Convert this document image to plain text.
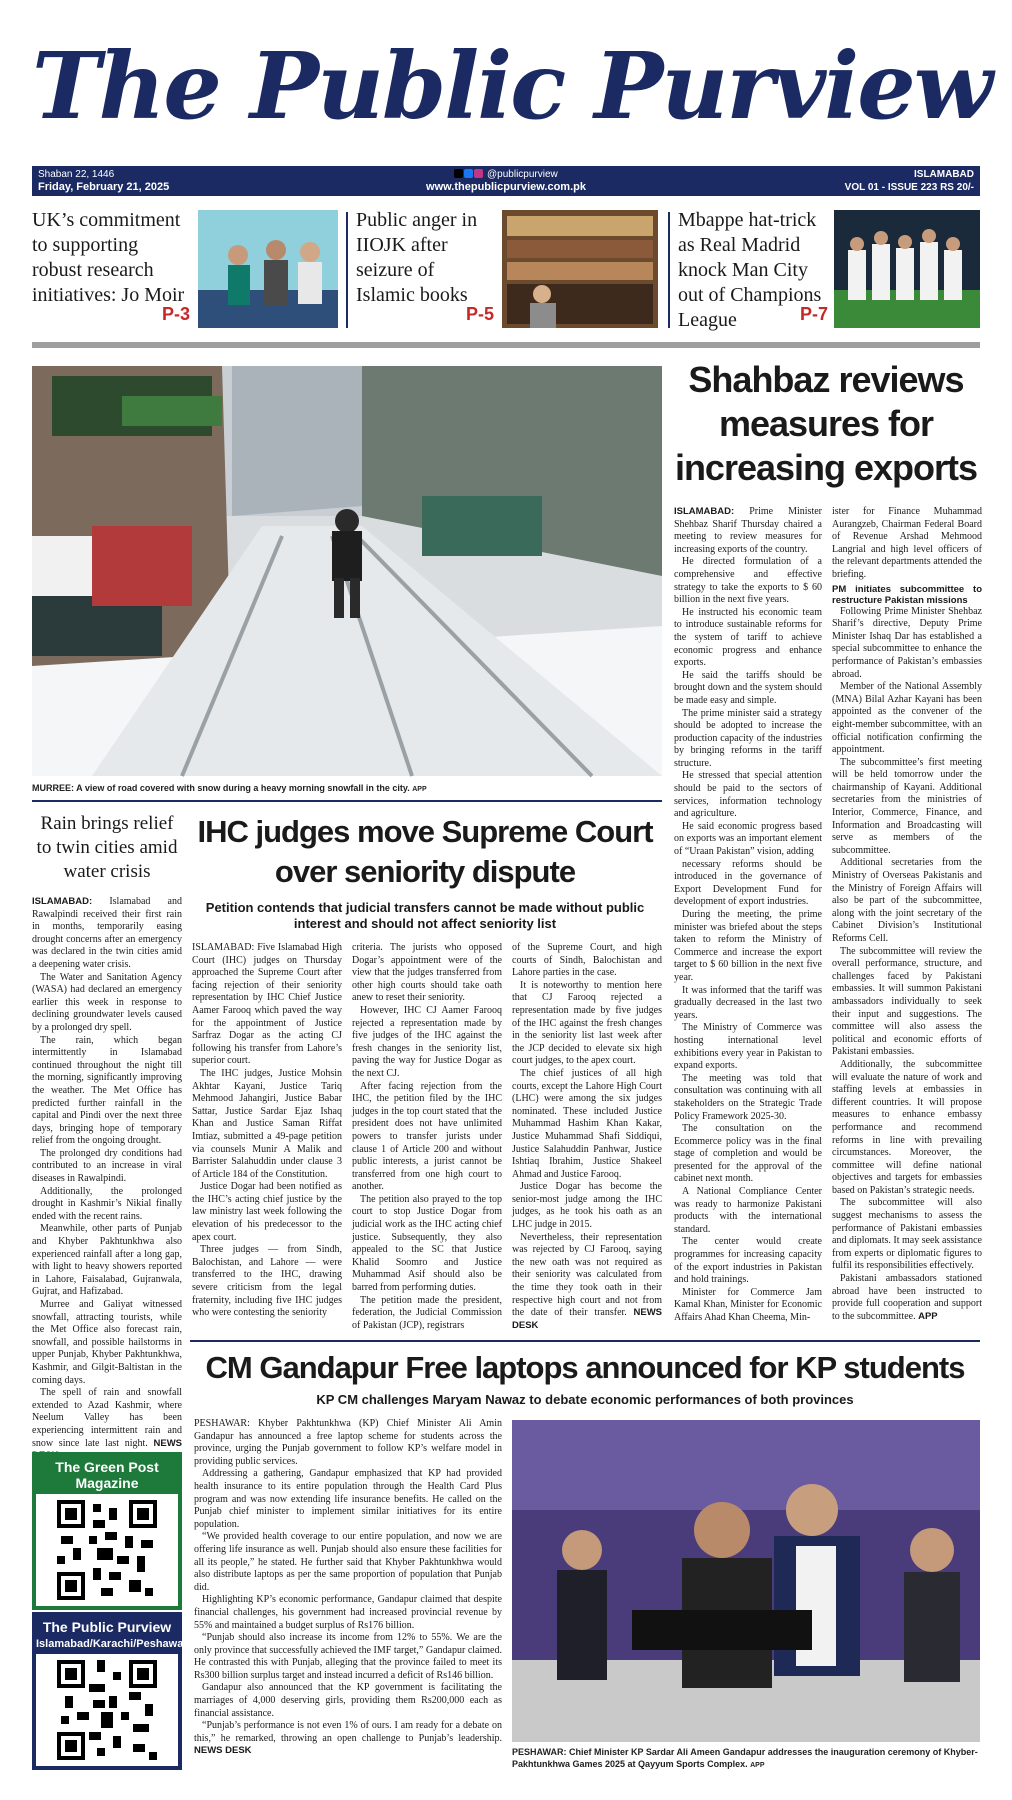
The Public Purview
Shaban 22, 1446
Friday, February 21, 2025
@publicpurview
www.thepublicpurview.com.pk
ISLAMABAD
VOL 01 - ISSUE 223 RS 20/-
UK’s commitment to supporting robust research initiatives: Jo Moir
P-3
Public anger in IIOJK after seizure of Islamic books
P-5
Mbappe hat-trick as Real Madrid knock Man City out of Champions League	P-7
MURREE: A view of road covered with snow during a heavy morning snowfall in the city. APP
Shahbaz reviews measures for increasing exports

ISLAMABAD: Prime Minister Shehbaz Sharif Thursday chaired a meeting to review measures for increasing exports of the country.

He directed formulation of a comprehensive and effective strategy to take the exports to $ 60 billion in the next five years.

He instructed his economic team to introduce sustainable reforms for the system of tariff to achieve economic progress and enhance exports.

He said the tariffs should be brought down and the system should be made easy and simple.

The prime minister said a strategy should be adopted to increase the production capacity of the industries by bringing reforms in the tariff structure.

He stressed that special attention should be paid to the sectors of services, information technology and agriculture.

He said economic progress based on exports was an important element of “Uraan Pakistan” vision, adding

necessary reforms should be introduced in the governance of Export Development Fund for development of export industries.

During the meeting, the prime minister was briefed about the steps taken to reform the Ministry of Commerce and increase the export target to $ 60 billion in the next five year.

It was informed that the tariff was gradually decreased in the last two years.

The Ministry of Commerce was hosting international level exhibitions every year in Pakistan to expand exports.

The meeting was told that consultation was continuing with all stakeholders on the Strategic Trade Policy Framework 2025-30.

The consultation on the Ecommerce policy was in the final stage of completion and would be presented for the approval of the cabinet next month.

A National Compliance Center was ready to harmonize Pakistani products with the international standard.

The center would create programmes for increasing capacity of the export industries in Pakistan and hold trainings.

Minister for Commerce Jam Kamal Khan, Minister for Economic Affairs Ahad Khan Cheema, Min-

ister for Finance Muhammad Aurangzeb, Chairman Federal Board of Revenue Arshad Mehmood Langrial and high level officers of the relevant departments attended the briefing.

PM initiates subcommittee to restructure Pakistan missions

Following Prime Minister Shehbaz Sharif’s directive, Deputy Prime Minister Ishaq Dar has established a special subcommittee to enhance the performance of Pakistan’s embassies abroad.

Member of the National Assembly (MNA) Bilal Azhar Kayani has been appointed as the convener of the eight-member subcommittee, with an official notification confirming the appointment.

The subcommittee’s first meeting will be held tomorrow under the chairmanship of Kayani. Additional secretaries from the ministries of Interior, Commerce, Finance, and Information and Broadcasting will serve as members of the subcommittee.

Additional secretaries from the Ministry of Overseas Pakistanis and the Ministry of Foreign Affairs will also be part of the subcommittee, along with the joint secretary of the Cabinet Division’s Institutional Reforms Cell.

The subcommittee will review the overall performance, structure, and challenges faced by Pakistani embassies. It will summon Pakistani ambassadors individually to seek their input and suggestions. The committee will also assess the political and economic efforts of Pakistani embassies.

Additionally, the subcommittee will evaluate the nature of work and staffing levels at embassies in different countries. It will propose measures to enhance embassy performance and recommend reforms in line with prevailing circumstances. Moreover, the committee will define national objectives and targets for embassies based on Pakistan’s strategic needs.

The subcommittee will also suggest mechanisms to assess the performance of Pakistani embassies and diplomats. It may seek assistance from experts or diplomatic figures to fulfil its responsibilities effectively.

Pakistani ambassadors stationed abroad have been instructed to provide full cooperation and support to the subcommittee. APP

Rain brings relief to twin cities amid water crisis

ISLAMABAD: Islamabad and Rawalpindi received their first rain in months, temporarily easing drought concerns after an emergency was declared in the twin cities amid a deepening water crisis.

The Water and Sanitation Agency (WASA) had declared an emergency earlier this week in response to declining groundwater levels caused by a prolonged dry spell.

The rain, which began intermittently in Islamabad continued throughout the night till the morning, significantly improving the weather. The Met Office has predicted further rainfall in the capital and Pindi over the next three days, bringing hope of temporary relief from the ongoing drought.

The prolonged dry conditions had contributed to an increase in viral diseases in Rawalpindi.

Additionally, the prolonged drought in Kashmir’s Nikial finally ended with the recent rains.

Meanwhile, other parts of Punjab and Khyber Pakhtunkhwa also experienced rainfall after a long gap, with light to heavy showers reported in Lahore, Faisalabad, Gujranwala, Gujrat, and Hafizabad.

Murree and Galiyat witnessed snowfall, attracting tourists, while the Met Office also forecast rain, snowfall, and possible hailstorms in upper Punjab, Khyber Pakhtunkhwa, Kashmir, and Gilgit-Baltistan in the coming days.

The spell of rain and snowfall extended to Azad Kashmir, where Neelum Valley has been experiencing intermittent rain and snow since late last night. NEWS

IHC judges move Supreme Court over seniority dispute
Petition contends that judicial transfers cannot be made without public interest and should not affect seniority list

ISLAMABAD: Five Islamabad High Court (IHC) judges on Thursday approached the Supreme Court after facing rejection of their seniority representation by IHC Chief Justice Aamer Farooq which paved the way for the appointment of Justice Sarfraz Dogar as the acting CJ following his transfer from Lahore’s superior court.

The IHC judges, Justice Mohsin Akhtar Kayani, Justice Tariq Mehmood Jahangiri, Justice Babar Sattar, Justice Sardar Ejaz Ishaq Khan and Justice Saman Riffat Imtiaz, submitted a 49-page petition via counsels Munir A Malik and Barrister Salahuddin under clause 3 of Article 184 of the Constitution.

Justice Dogar had been notified as the IHC’s acting chief justice by the law ministry last week following the elevation of his predecessor to the apex court.

Three judges — from Sindh, Balochistan, and Lahore — were transferred to the IHC, drawing severe criticism from the legal fraternity, including five IHC judges who were contesting the seniority

criteria. The jurists who opposed Dogar’s appointment were of the view that the judges transferred from other high courts should take oath anew to reset their seniority.

However, IHC CJ Aamer Farooq rejected a representation made by five judges of the IHC against the fresh changes in the seniority list, paving the way for Justice Dogar as the next CJ.

After facing rejection from the IHC, the petition filed by the IHC judges in the top court stated that the president does not have unlimited powers to transfer jurists under clause 1 of Article 200 and without public interests, a jurist cannot be transferred from one high court to another.

The petition also prayed to the top court to stop Justice Dogar from judicial work as the IHC acting chief justice. Subsequently, they also appealed to the SC that Justice Khalid Soomro and Justice Muhammad Asif should also be barred from performing duties.

The petition made the president, federation, the Judicial Commission of Pakistan (JCP), registrars

of the Supreme Court, and high courts of Sindh, Balochistan and Lahore parties in the case.

It is noteworthy to mention here that CJ Farooq rejected a representation made by five judges of the IHC against the fresh changes in the seniority list last week after the JCP decided to elevate six high court judges, to the apex court.

The chief justices of all high courts, except the Lahore High Court (LHC) were among the six judges nominated. These included Justice Muhammad Hashim Khan Kakar, Justice Muhammad Shafi Siddiqui, Justice Salahuddin Panhwar, Justice Ishtiaq Ibrahim, Justice Shakeel Ahmad and Justice Farooq.

Justice Dogar has become the senior-most judge among the IHC judges, as he took his oath as an LHC judge in 2015.

Nevertheless, their representation was rejected by CJ Farooq, saying the new oath was not required as their seniority was calculated from the time they took oath in their respective high court and not from the date of their transfer. NEWS DESK

CM Gandapur Free laptops announced for KP students
KP CM challenges Maryam Nawaz to debate economic performances of both provinces

PESHAWAR: Khyber Pakhtunkhwa (KP) Chief Minister Ali Amin Gandapur has announced a free laptop scheme for students across the province, urging the Punjab government to follow KP’s welfare model in providing public services.

Addressing a gathering, Gandapur emphasized that KP had provided health insurance to its entire population through the Health Card Plus program and was now extending life insurance benefits. He called on the Punjab chief minister to implement similar initiatives for its entire population.

“We provided health coverage to our entire population, and now we are offering life insurance as well. Punjab should also ensure these facilities for all its people,” he stated. He further said that Khyber Pakhtunkhwa would also distribute laptops as per the same proportion of population that Punjab did.

Highlighting KP’s economic performance, Gandapur claimed that despite financial challenges, his government had increased provincial revenue by 55% and maintained a budget surplus of Rs176 billion.

“Punjab should also increase its income from 12% to 55%. We are the only province that successfully achieved the IMF target,” Gandapur claimed. He contrasted this with Punjab, alleging that the province failed to meet its Rs300 billion surplus target and instead incurred a deficit of Rs146 billion.

Gandapur also announced that the KP government is facilitating the marriages of 4,000 deserving girls, providing them Rs200,000 each as financial assistance.

“Punjab’s performance is not even 1% of ours. I am ready for a debate on this,” he remarked, throwing an open challenge to Punjab’s leadership. NEWS DESK	PESHAWAR: Chief Minister KP Sardar Ali Ameen Gandapur addresses the inauguration ceremony of Khyber-Pakhtunkhwa Games 2025 at Qayyum Sports Complex. APP
The Green Post Magazine
The Public Purview
Islamabad/Karachi/Peshawar
